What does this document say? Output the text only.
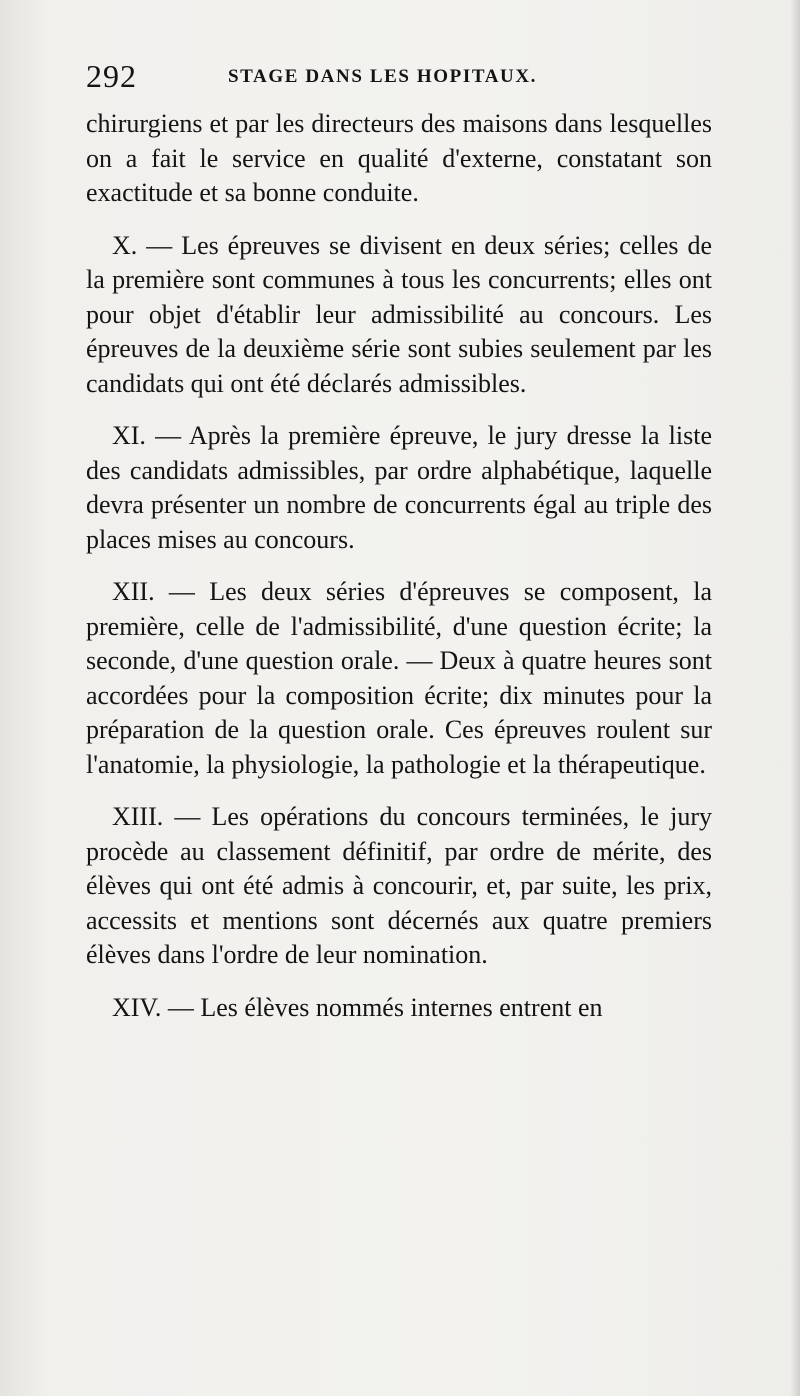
292	STAGE DANS LES HOPITAUX.

chirurgiens et par les directeurs des maisons dans lesquelles on a fait le service en qualité d'externe, constatant son exactitude et sa bonne conduite.

X. — Les épreuves se divisent en deux séries; celles de la première sont communes à tous les concurrents; elles ont pour objet d'établir leur admissibilité au concours. Les épreuves de la deuxième série sont subies seulement par les candidats qui ont été déclarés admissibles.

XI. — Après la première épreuve, le jury dresse la liste des candidats admissibles, par ordre alphabétique, laquelle devra présenter un nombre de concurrents égal au triple des places mises au concours.

XII. — Les deux séries d'épreuves se composent, la première, celle de l'admissibilité, d'une question écrite; la seconde, d'une question orale. — Deux à quatre heures sont accordées pour la composition écrite; dix minutes pour la préparation de la question orale. Ces épreuves roulent sur l'anatomie, la physiologie, la pathologie et la thérapeutique.

XIII. — Les opérations du concours terminées, le jury procède au classement définitif, par ordre de mérite, des élèves qui ont été admis à concourir, et, par suite, les prix, accessits et mentions sont décernés aux quatre premiers élèves dans l'ordre de leur nomination.

XIV. — Les élèves nommés internes entrent en
